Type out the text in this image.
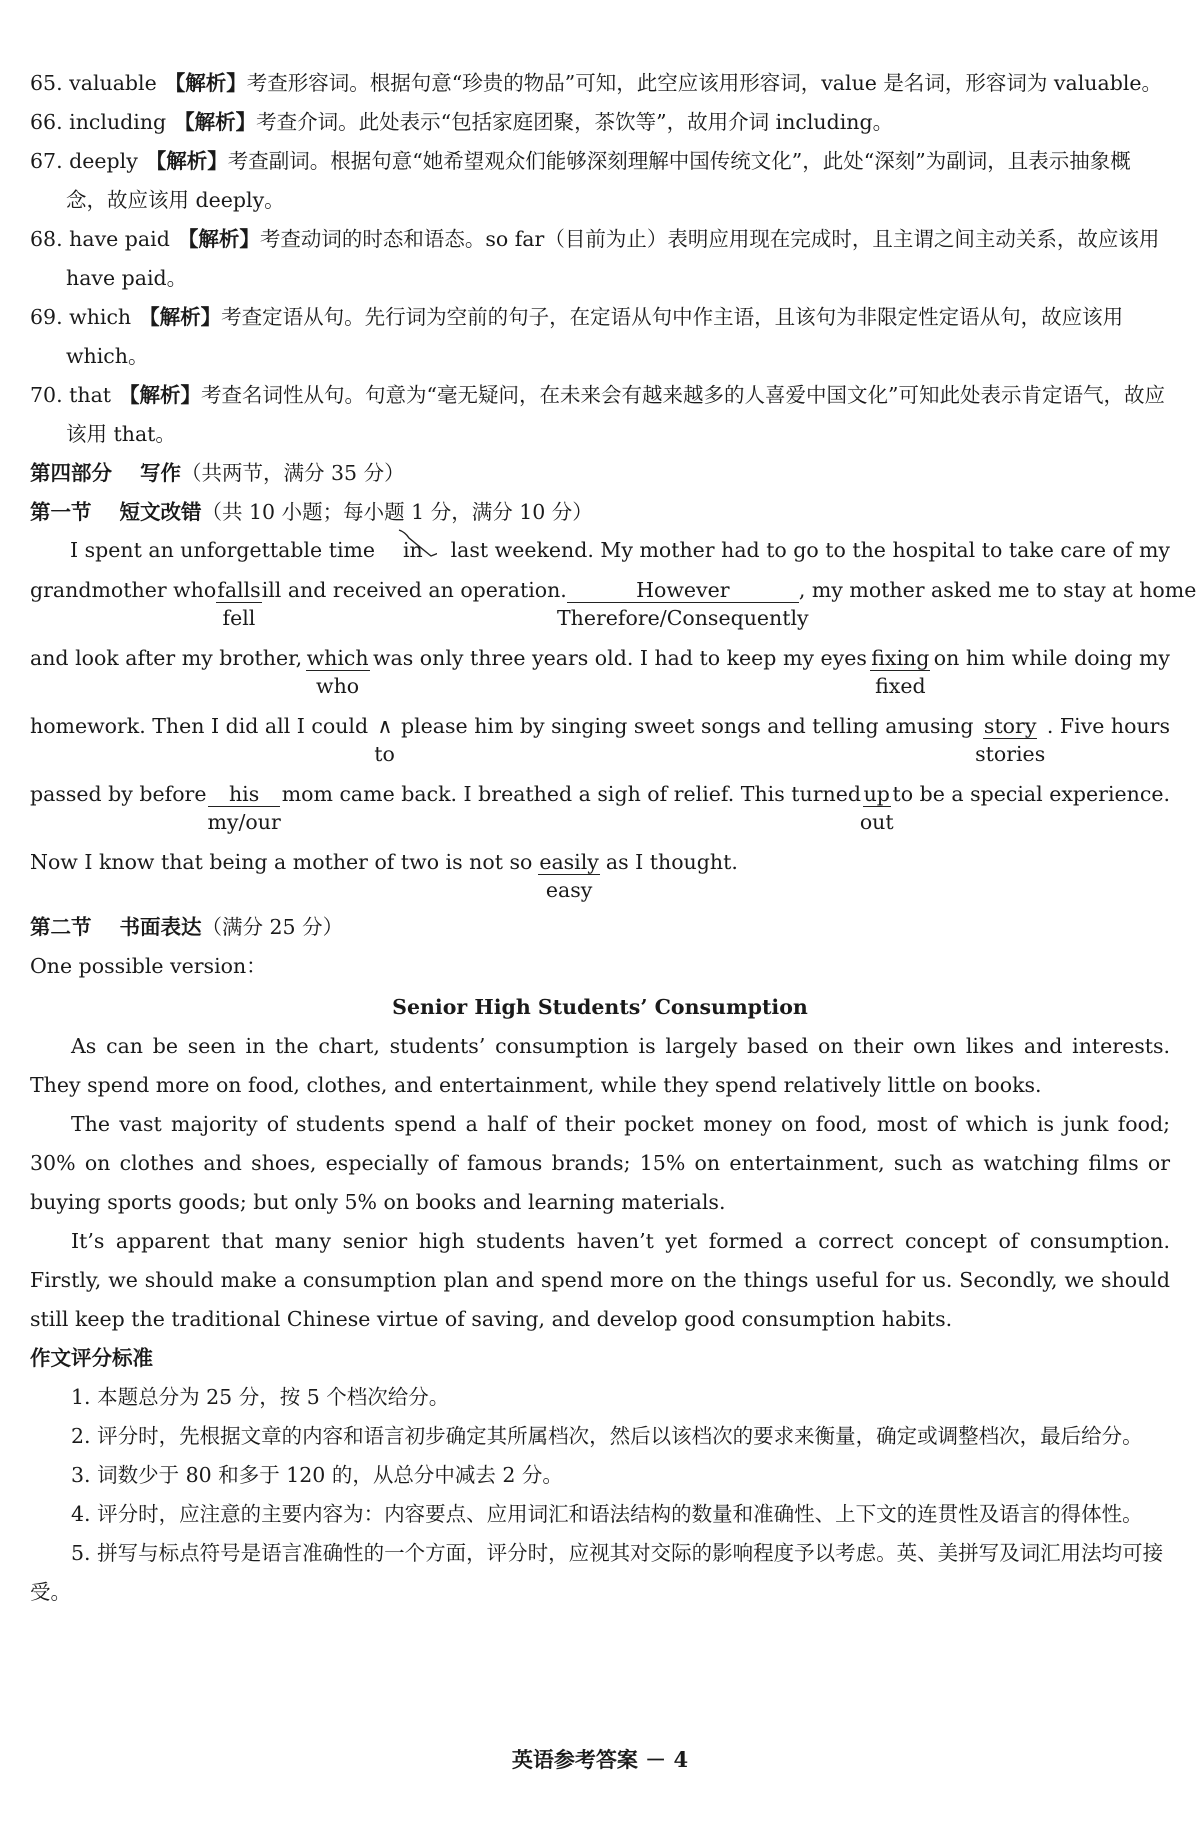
65. valuable 【 解析 】 考查形容词。根据句意“珍贵的物品”可知，此空应该用形容词，value 是名词，形容词为 valuable。
66. including 【 解析 】 考查介词。此处表示“包括家庭团聚，茶饮等”，故用介词 including。
67. deeply 【 解析 】 考查副词。根据句意“她希望观众们能够深刻理解中国传统文化”，此处“深刻”为副词，且表示抽象概念，故应该用 deeply。
68. have paid 【 解析 】 考查动词的时态和语态。so far（目前为止）表明应用现在完成时，且主谓之间主动关系，故应该用 have paid。
69. which 【 解析 】 考查定语从句。先行词为空前的句子，在定语从句中作主语，且该句为非限定性定语从句，故应该用 which。
70. that 【 解析 】 考查名词性从句。句意为“毫无疑问，在未来会有越来越多的人喜爱中国文化”可知此处表示肯定语气，故应该用 that。
第四部分 写作（共两节，满分 35 分）
第一节 短文改错（共 10 小题；每小题 1 分，满分 10 分）
I spent an unforgettable time in last weekend. My mother had to go to the hospital to take care of my
grandmother who falls
fell
ill and received an operation.	However
Therefore/Consequently
, my mother asked me to stay at home
and look after my brother, which
who
was only three years old. I had to keep my eyes fixing
fixed
on him while doing my
homework. Then I did all I could ∧
to
please him by singing sweet songs and telling amusing story
stories
. Five hours
passed by before	his
my/our
mom came back. I breathed a sigh of relief. This turned up
out
to be a special experience.
Now I know that being a mother of two is not so easily
easy
as I thought.
第二节 书面表达（满分 25 分）
One possible version：
Senior High Students’ Consumption
As can be seen in the chart, students’ consumption is largely based on their own likes and interests. They spend more on food, clothes, and entertainment, while they spend relatively little on books.
The vast majority of students spend a half of their pocket money on food, most of which is junk food; 30% on clothes and shoes, especially of famous brands; 15% on entertainment, such as watching films or buying sports goods; but only 5% on books and learning materials.
It’s apparent that many senior high students haven’t yet formed a correct concept of consumption. Firstly, we should make a consumption plan and spend more on the things useful for us. Secondly, we should still keep the traditional Chinese virtue of saving, and develop good consumption habits.
作文评分标准

1. 本题总分为 25 分，按 5 个档次给分。

2. 评分时，先根据文章的内容和语言初步确定其所属档次，然后以该档次的要求来衡量，确定或调整档次，最后给分。

3. 词数少于 80 和多于 120 的，从总分中减去 2 分。

4. 评分时，应注意的主要内容为：内容要点、应用词汇和语法结构的数量和准确性、上下文的连贯性及语言的得体性。

5. 拼写与标点符号是语言准确性的一个方面，评分时，应视其对交际的影响程度予以考虑。英、美拼写及词汇用法均可接受。

英语参考答案 － 4
